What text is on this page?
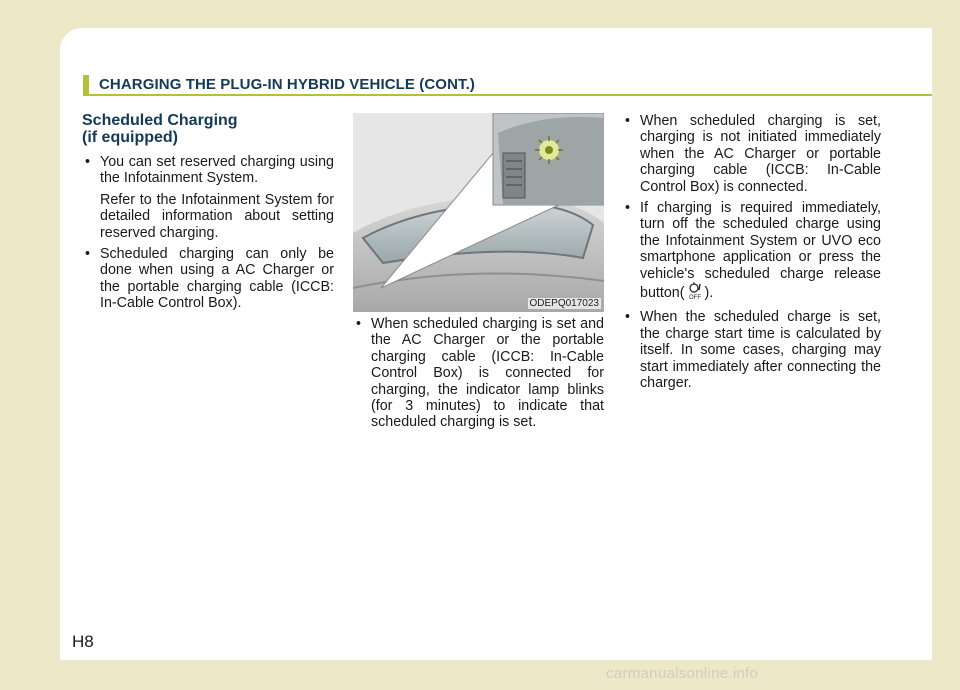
CHARGING THE PLUG-IN HYBRID VEHICLE (CONT.)
Scheduled Charging
(if equipped)
• You can set reserved charging using the Infotainment System.
Refer to the Infotainment System for detailed information about setting reserved charging.
• Scheduled charging can only be done when using a AC Charger or the portable charging cable (ICCB: In-Cable Control Box).	ODEPQ017023
• When scheduled charging is set and the AC Charger or the portable charging cable (ICCB: In-Cable Control Box) is connected for charging, the indicator lamp blinks (for 3 minutes) to indicate that scheduled charging is set.
• When scheduled charging is set, charging is not initiated immediately when the AC Charger or portable charging cable (ICCB: In-Cable Control Box) is connected.
• If charging is required immediately, turn off the scheduled charge using the Infotainment System or UVO eco smartphone application or press the vehicle's scheduled charge release button( OFF ).
• When the scheduled charge is set, the charge start time is calculated by itself. In some cases, charging may start immediately after connecting the charger.
H8
carmanualsonline.info
